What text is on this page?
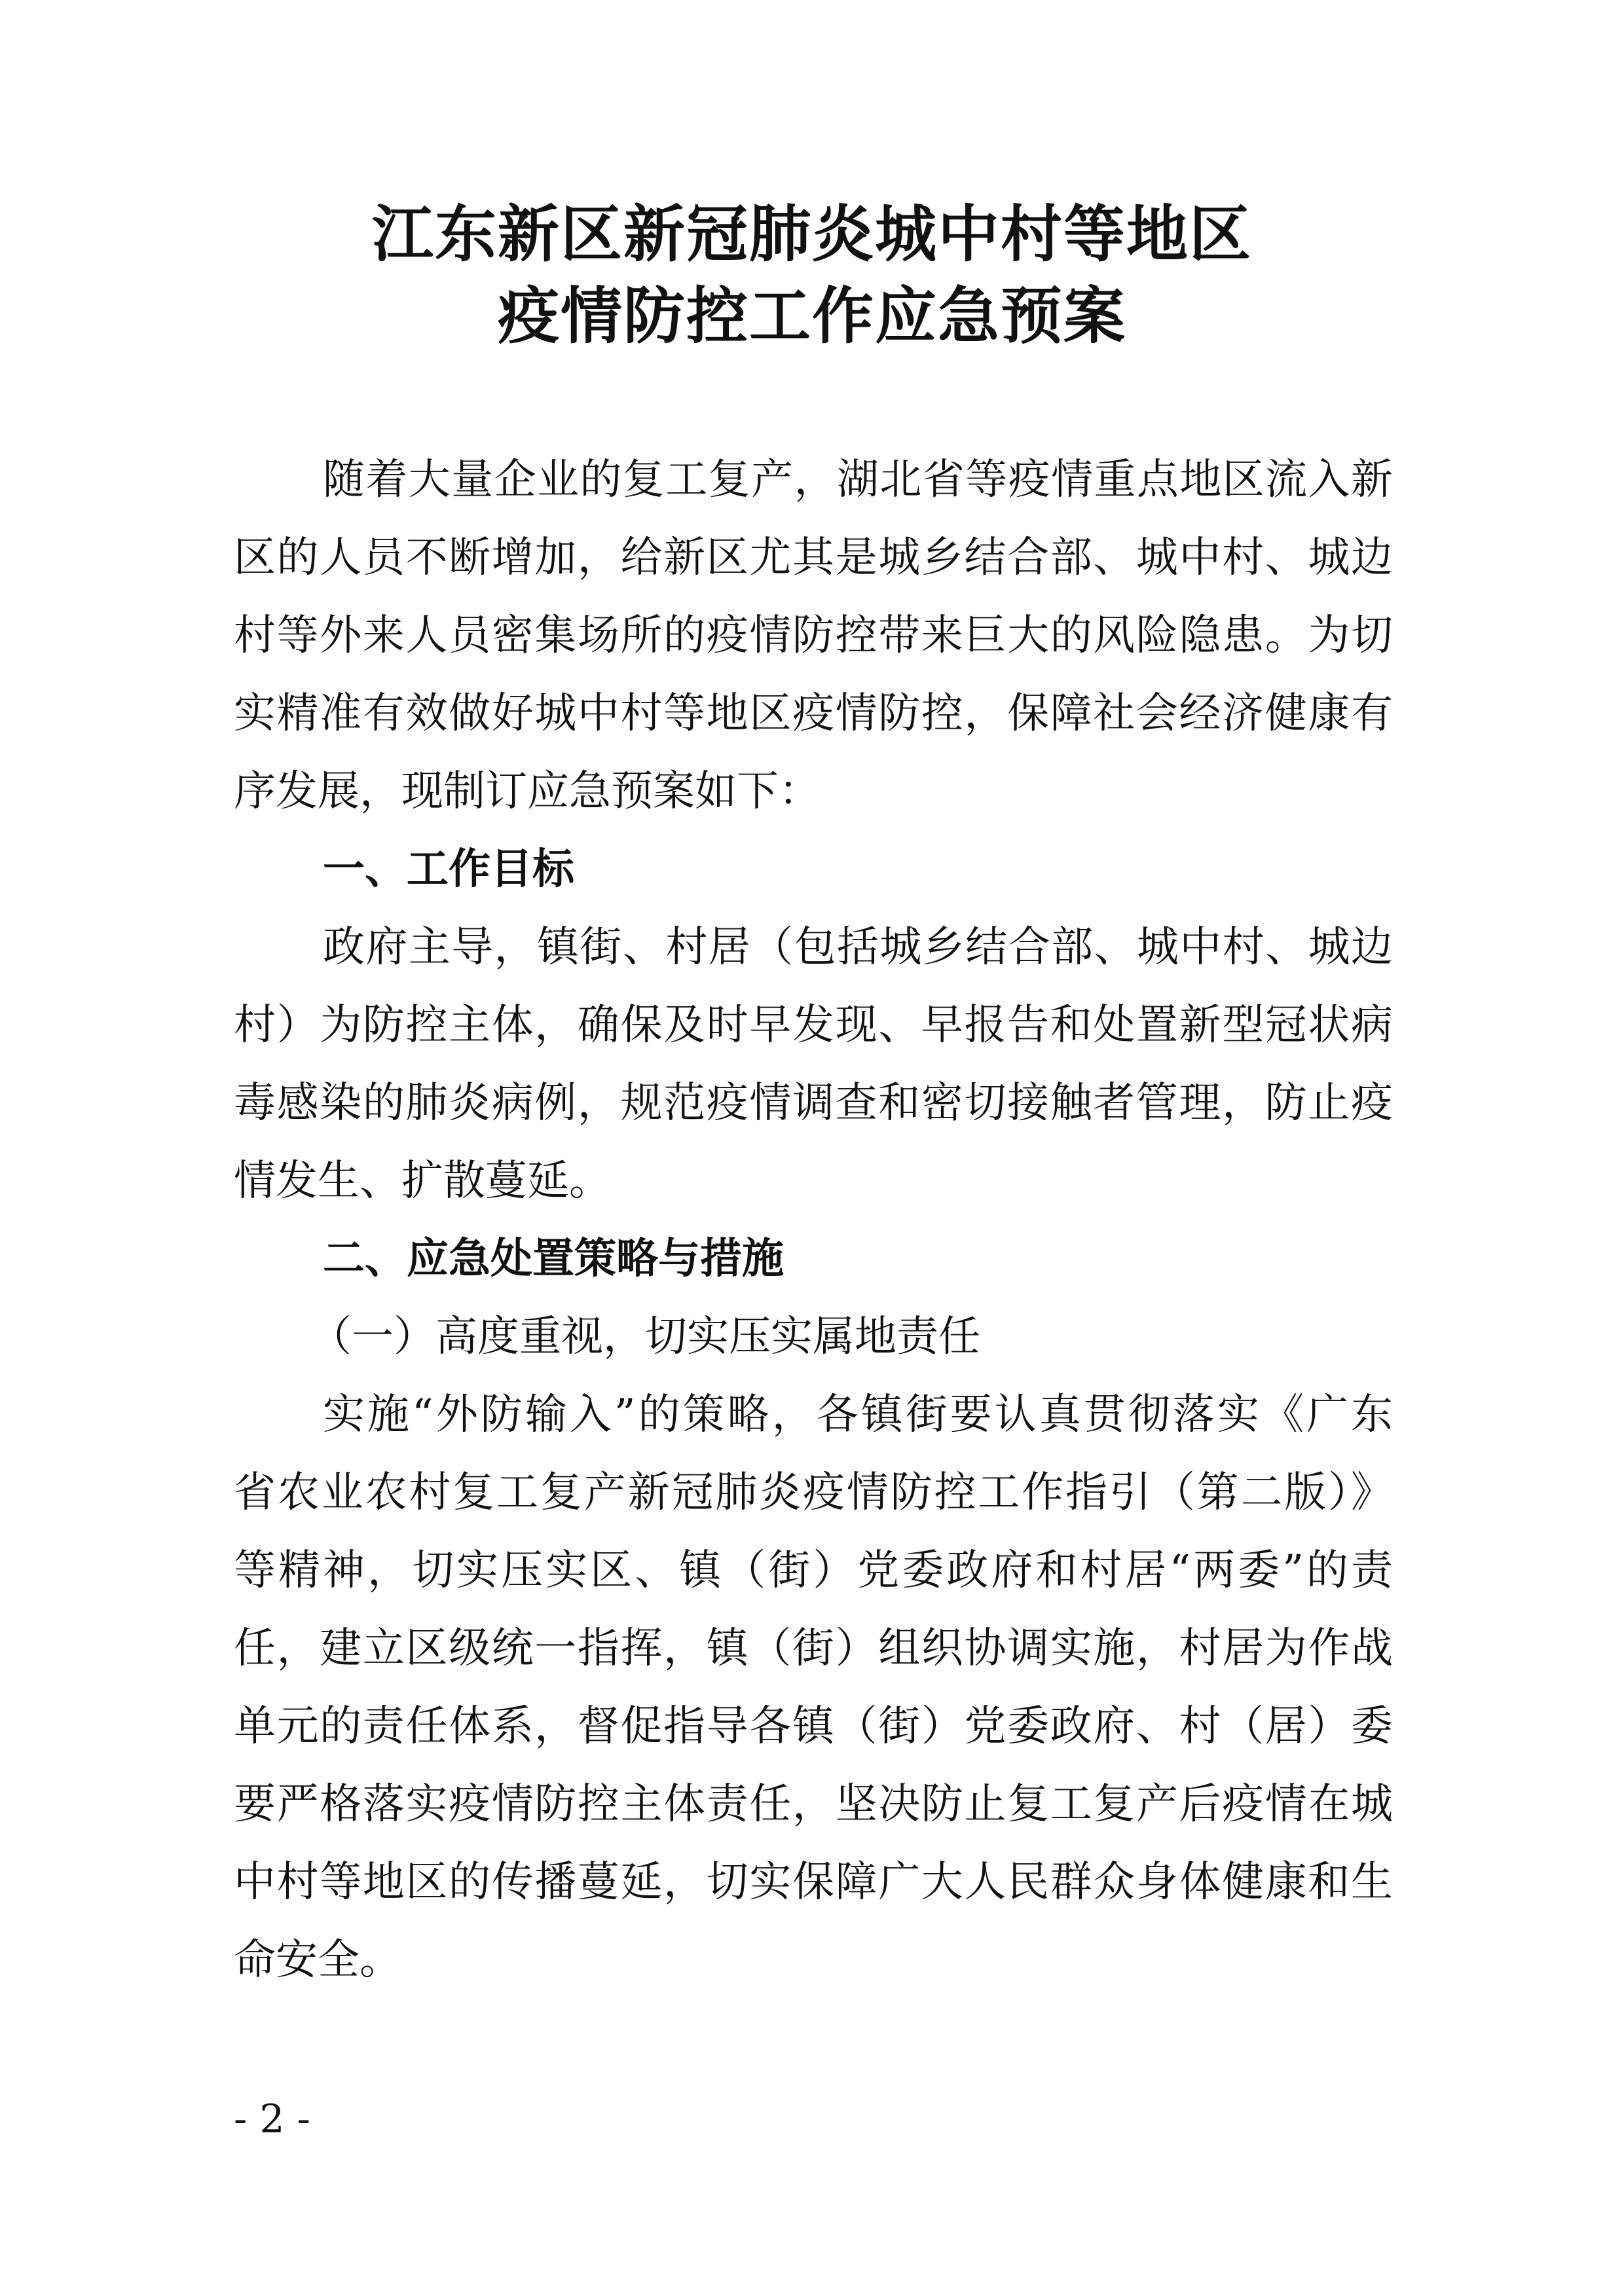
江东新区新冠肺炎城中村等地区
疫情防控工作应急预案
随着大量企业的复工复产，湖北省等疫情重点地区流入新
区的人员不断增加，给新区尤其是城乡结合部、城中村、城边
村等外来人员密集场所的疫情防控带来巨大的风险隐患。为切
实精准有效做好城中村等地区疫情防控，保障社会经济健康有
序发展，现制订应急预案如下：
一、工作目标
政府主导，镇街、村居（包括城乡结合部、城中村、城边
村）为防控主体，确保及时早发现、早报告和处置新型冠状病
毒感染的肺炎病例，规范疫情调查和密切接触者管理，防止疫
情发生、扩散蔓延。
二、应急处置策略与措施
（一）高度重视，切实压实属地责任
实施“外防输入”的策略，各镇街要认真贯彻落实《广东
省农业农村复工复产新冠肺炎疫情防控工作指引（第二版）》
等精神，切实压实区、镇（街）党委政府和村居“两委”的责
任，建立区级统一指挥，镇（街）组织协调实施，村居为作战
单元的责任体系，督促指导各镇（街）党委政府、村（居）委
要严格落实疫情防控主体责任，坚决防止复工复产后疫情在城
中村等地区的传播蔓延，切实保障广大人民群众身体健康和生
命安全。
- 2 -
